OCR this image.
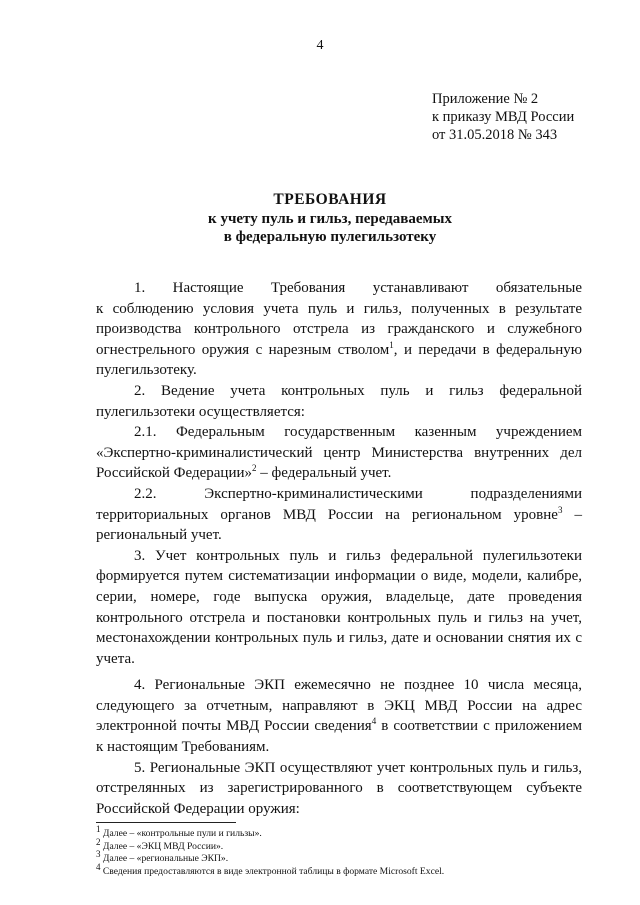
4
Приложение № 2
к приказу МВД России
от 31.05.2018 № 343
ТРЕБОВАНИЯ
к учету пуль и гильз, передаваемых
в федеральную пулегильзотеку
1. Настоящие Требования устанавливают обязательные
к соблюдению условия учета пуль и гильз, полученных в результате производства контрольного отстрела из гражданского и служебного огнестрельного оружия с нарезным стволом$^1$, и передачи в федеральную пулегильзотеку.
2. Ведение учета контрольных пуль и гильз федеральной пулегильзотеки осуществляется:
2.1. Федеральным государственным казенным учреждением «Экспертно-криминалистический центр Министерства внутренних дел Российской Федерации»$^2$ – федеральный учет.
2.2. Экспертно-криминалистическими подразделениями территориальных органов МВД России на региональном уровне$^3$ – региональный учет.
3. Учет контрольных пуль и гильз федеральной пулегильзотеки формируется путем систематизации информации о виде, модели, калибре, серии, номере, годе выпуска оружия, владельце, дате проведения контрольного отстрела и постановки контрольных пуль и гильз на учет, местонахождении контрольных пуль и гильз, дате и основании снятия их с учета.
4. Региональные ЭКП ежемесячно не позднее 10 числа месяца, следующего за отчетным, направляют в ЭКЦ МВД России на адрес электронной почты МВД России сведения$^4$ в соответствии с приложением к настоящим Требованиям.
5. Региональные ЭКП осуществляют учет контрольных пуль и гильз, отстрелянных из зарегистрированного в соответствующем субъекте Российской Федерации оружия:
$^1$ Далее – «контрольные пули и гильзы».
$^2$ Далее – «ЭКЦ МВД России».
$^3$ Далее – «региональные ЭКП».
$^4$ Сведения предоставляются в виде электронной таблицы в формате Microsoft Excel.
